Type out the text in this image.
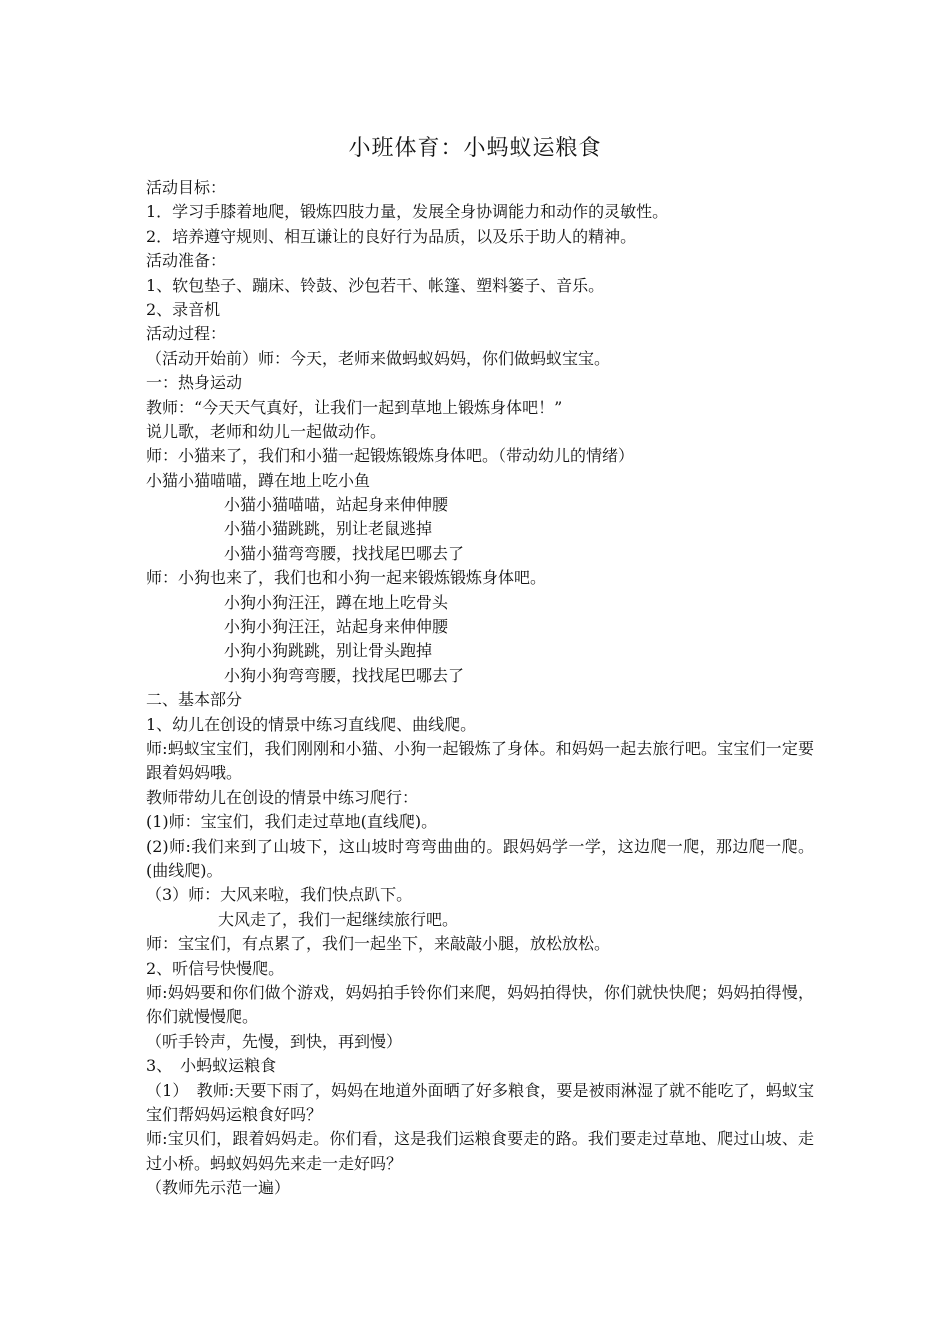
小班体育：小蚂蚁运粮食
活动目标：
1．学习手膝着地爬，锻炼四肢力量，发展全身协调能力和动作的灵敏性。
2．培养遵守规则、相互谦让的良好行为品质，以及乐于助人的精神。
活动准备：
1、软包垫子、蹦床、铃鼓、沙包若干、帐篷、塑料篓子、音乐。
2、录音机
活动过程：
（活动开始前）师：今天，老师来做蚂蚁妈妈，你们做蚂蚁宝宝。
一：热身运动
教师：“今天天气真好，让我们一起到草地上锻炼身体吧！”
说儿歌，老师和幼儿一起做动作。
师：小猫来了，我们和小猫一起锻炼锻炼身体吧。（带动幼儿的情绪）
小猫小猫喵喵，蹲在地上吃小鱼
小猫小猫喵喵，站起身来伸伸腰
小猫小猫跳跳，别让老鼠逃掉
小猫小猫弯弯腰，找找尾巴哪去了
师：小狗也来了，我们也和小狗一起来锻炼锻炼身体吧。
小狗小狗汪汪，蹲在地上吃骨头
小狗小狗汪汪，站起身来伸伸腰
小狗小狗跳跳，别让骨头跑掉
小狗小狗弯弯腰，找找尾巴哪去了
二、基本部分
1、幼儿在创设的情景中练习直线爬、曲线爬。
师:蚂蚁宝宝们，我们刚刚和小猫、小狗一起锻炼了身体。和妈妈一起去旅行吧。宝宝们一定要跟着妈妈哦。
教师带幼儿在创设的情景中练习爬行：
(1)师：宝宝们，我们走过草地(直线爬)。
(2)师:我们来到了山坡下，这山坡时弯弯曲曲的。跟妈妈学一学，这边爬一爬，那边爬一爬。(曲线爬)。
（3）师：大风来啦，我们快点趴下。
大风走了，我们一起继续旅行吧。
师：宝宝们，有点累了，我们一起坐下，来敲敲小腿，放松放松。
2、听信号快慢爬。
师:妈妈要和你们做个游戏，妈妈拍手铃你们来爬，妈妈拍得快，你们就快快爬；妈妈拍得慢，你们就慢慢爬。
（听手铃声，先慢，到快，再到慢）
3、　小蚂蚁运粮食
（1）　教师:天要下雨了，妈妈在地道外面晒了好多粮食，要是被雨淋湿了就不能吃了，蚂蚁宝宝们帮妈妈运粮食好吗？
师:宝贝们，跟着妈妈走。你们看，这是我们运粮食要走的路。我们要走过草地、爬过山坡、走过小桥。蚂蚁妈妈先来走一走好吗？
（教师先示范一遍）
